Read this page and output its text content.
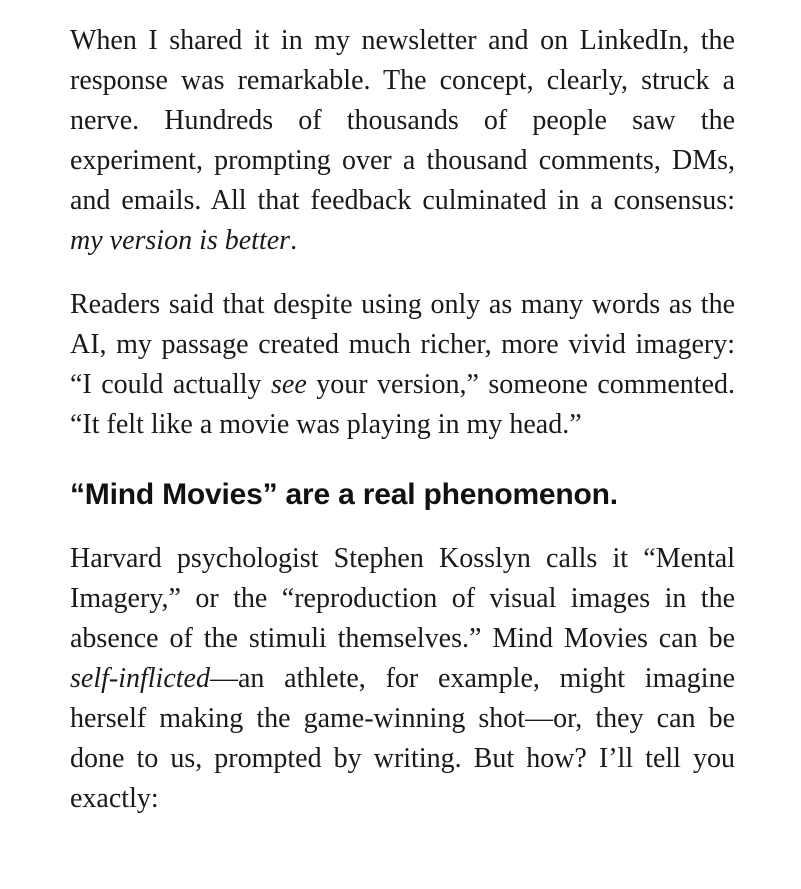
When I shared it in my newsletter and on LinkedIn, the response was remarkable. The concept, clearly, struck a nerve. Hundreds of thousands of people saw the experiment, prompting over a thousand comments, DMs, and emails. All that feedback culminated in a consensus: my version is better.

Readers said that despite using only as many words as the AI, my passage created much richer, more vivid imagery: “I could actually see your version,” someone commented. “It felt like a movie was playing in my head.”

“Mind Movies” are a real phenomenon.

Harvard psychologist Stephen Kosslyn calls it “Mental Imagery,” or the “reproduction of visual images in the absence of the stimuli themselves.” Mind Movies can be self-inflicted—an athlete, for example, might imagine herself making the game-winning shot—or, they can be done to us, prompted by writing. But how? I’ll tell you exactly:
